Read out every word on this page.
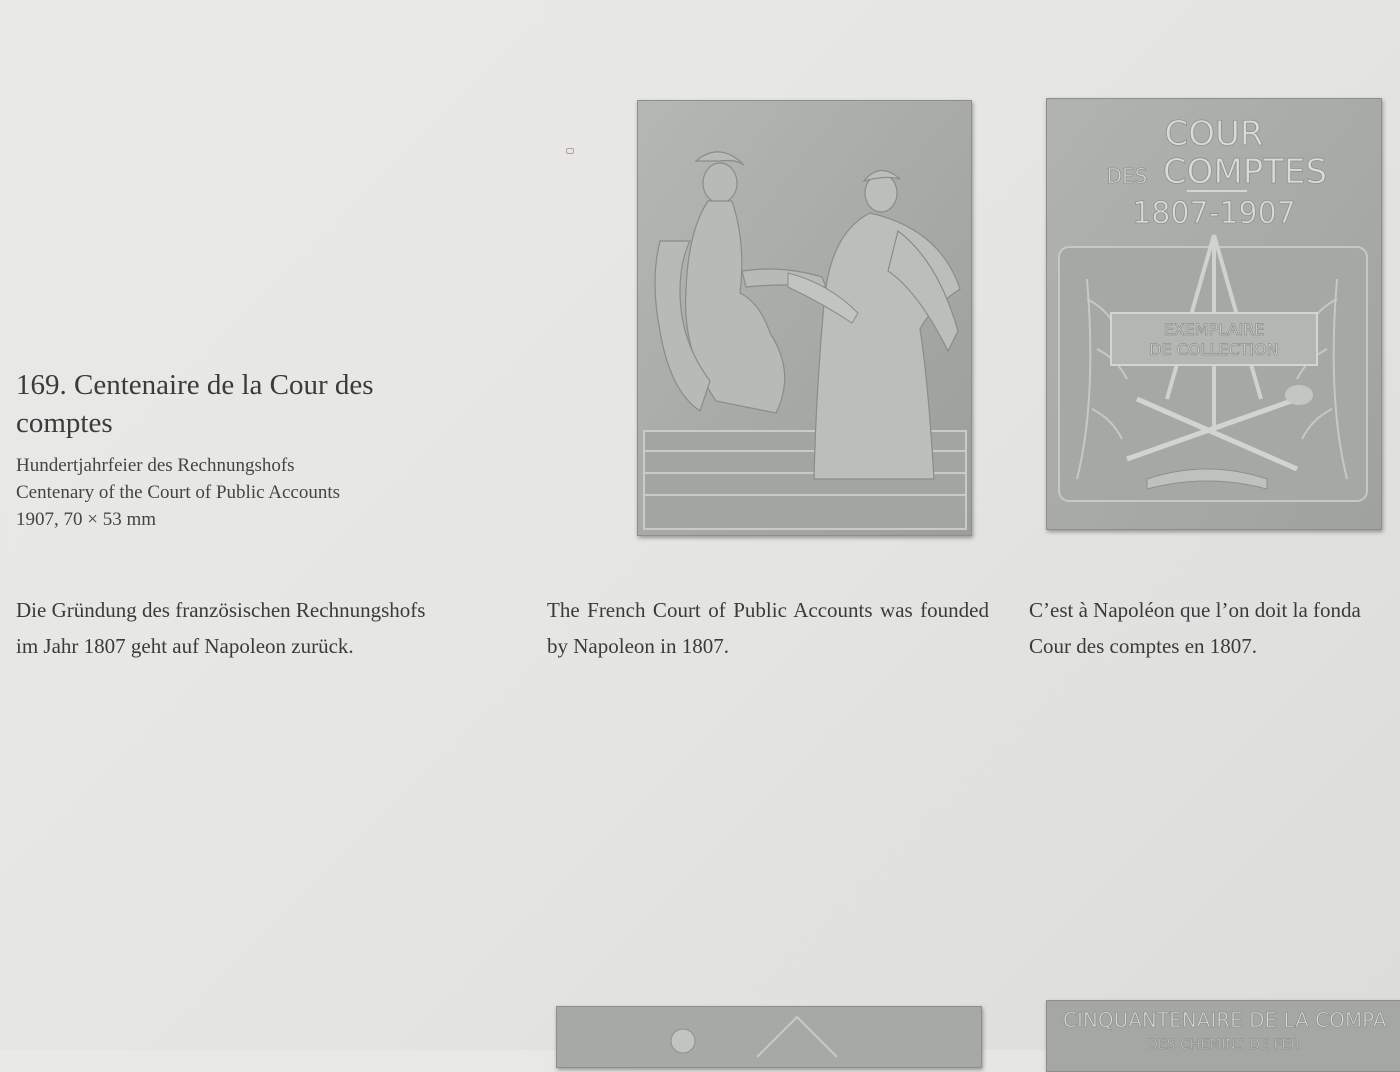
169. Centenaire de la Cour des comptes
Hundertjahrfeier des Rechnungshofs
Centenary of the Court of Public Accounts
1907, 70 × 53 mm
Die Gründung des französischen Rechnungshofs
im Jahr 1807 geht auf Napoleon zurück.
The French Court of Public Accounts was founded by Napoleon in 1807.
C’est à Napoléon que l’on doit la fonda
Cour des comptes en 1807.
COUR
DES COMPTES
1807-1907
EXEMPLAIRE
DE COLLECTION
CINQUANTENAIRE DE LA COMPA
DES CHEMINS DE FER
